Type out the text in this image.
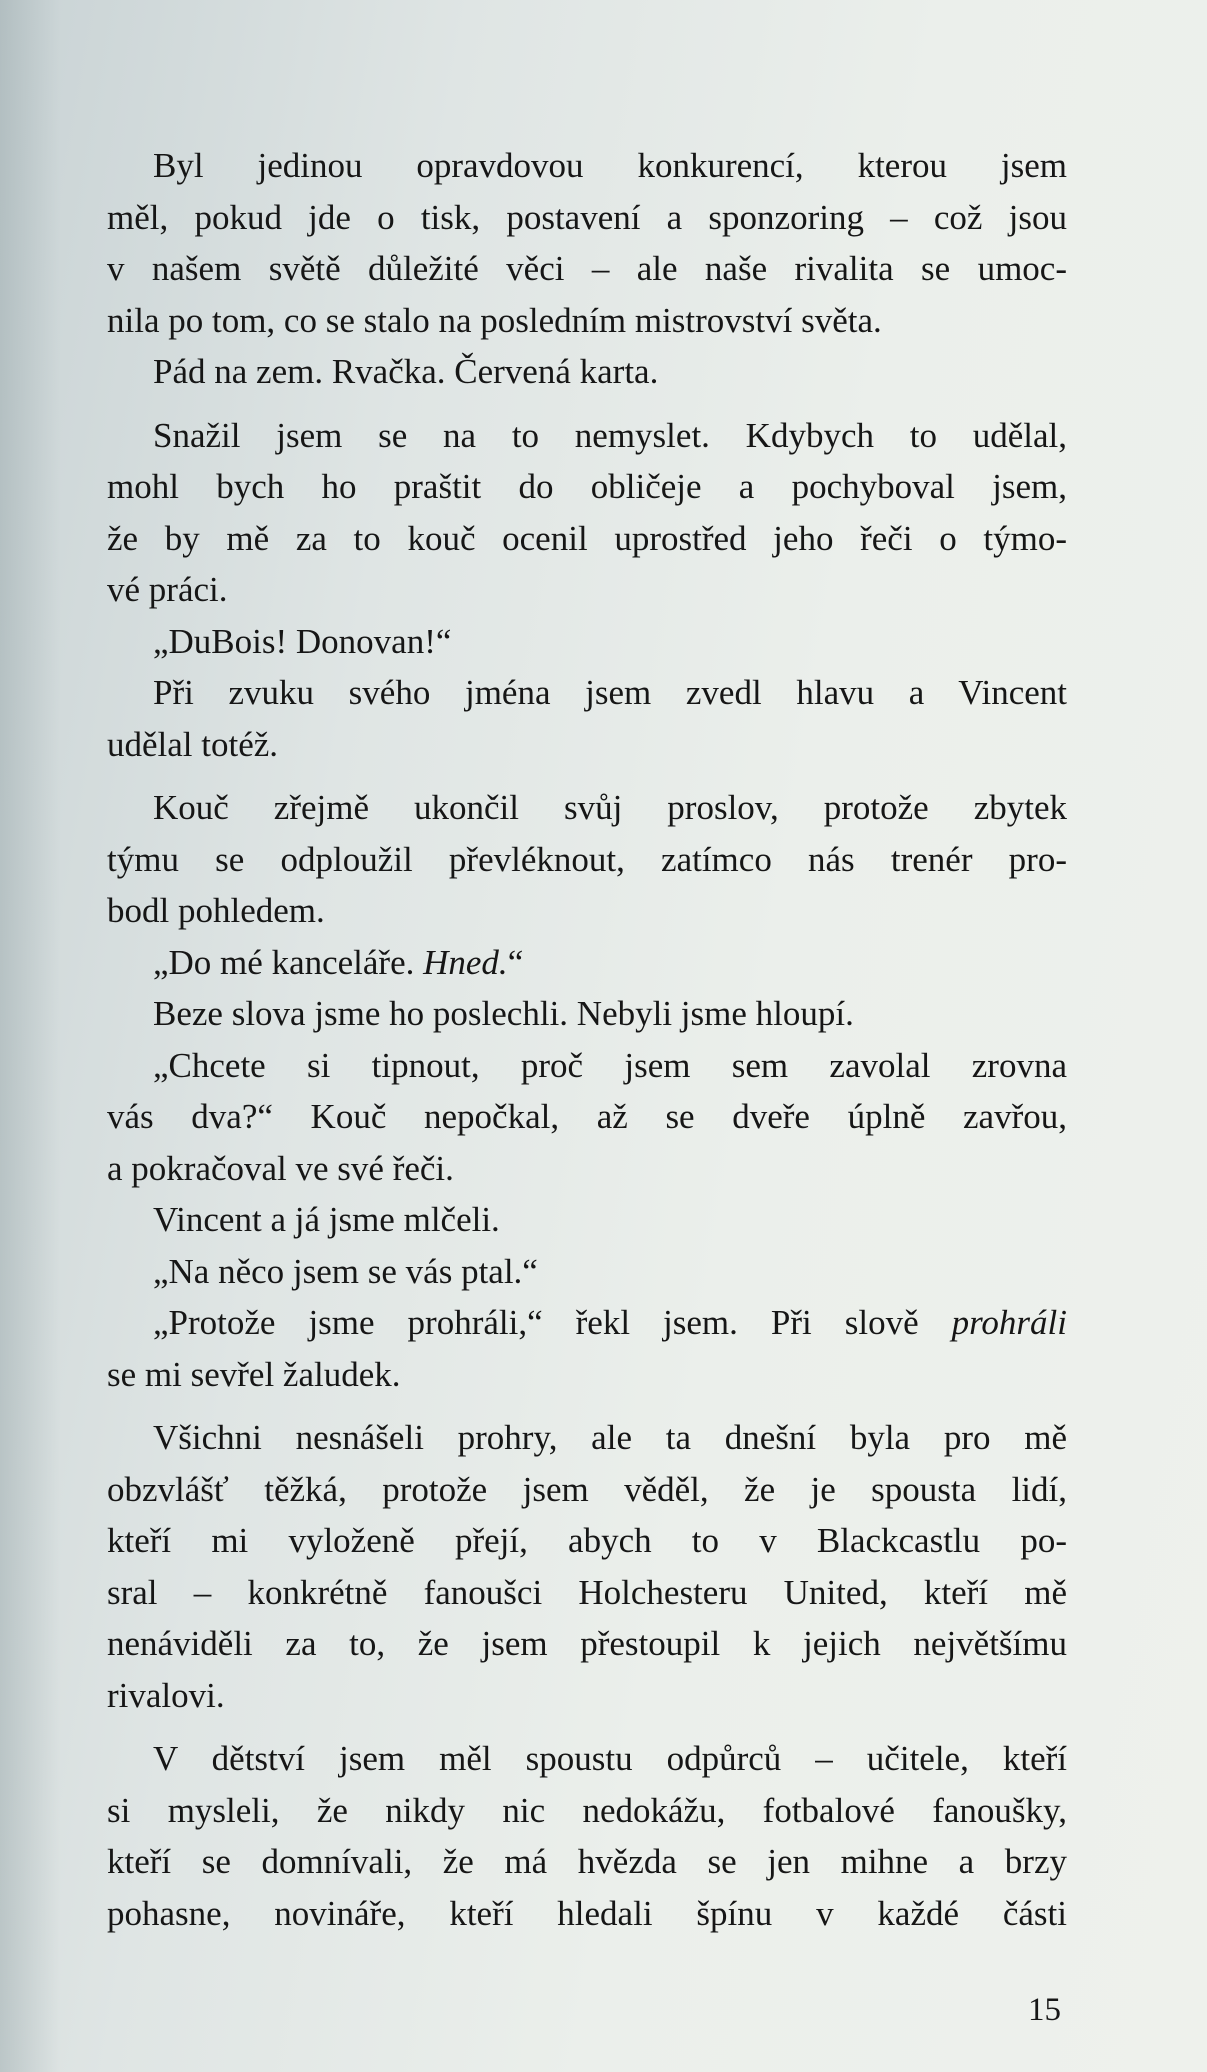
Byl jedinou opravdovou konkurencí, kterou jsem
měl, pokud jde o tisk, postavení a sponzoring – což jsou
v našem světě důležité věci – ale naše rivalita se umoc-
nila po tom, co se stalo na posledním mistrovství světa.
Pád na zem. Rvačka. Červená karta.
Snažil jsem se na to nemyslet. Kdybych to udělal,
mohl bych ho praštit do obličeje a pochyboval jsem,
že by mě za to kouč ocenil uprostřed jeho řeči o týmo-
vé práci.
„DuBois! Donovan!“
Při zvuku svého jména jsem zvedl hlavu a Vincent
udělal totéž.
Kouč zřejmě ukončil svůj proslov, protože zbytek
týmu se odploužil převléknout, zatímco nás trenér pro-
bodl pohledem.
„Do mé kanceláře. Hned.“
Beze slova jsme ho poslechli. Nebyli jsme hloupí.
„Chcete si tipnout, proč jsem sem zavolal zrovna
vás dva?“ Kouč nepočkal, až se dveře úplně zavřou,
a pokračoval ve své řeči.
Vincent a já jsme mlčeli.
„Na něco jsem se vás ptal.“
„Protože jsme prohráli,“ řekl jsem. Při slově prohráli
se mi sevřel žaludek.
Všichni nesnášeli prohry, ale ta dnešní byla pro mě
obzvlášť těžká, protože jsem věděl, že je spousta lidí,
kteří mi vyloženě přejí, abych to v Blackcastlu po-
sral – konkrétně fanoušci Holchesteru United, kteří mě
nenáviděli za to, že jsem přestoupil k jejich největšímu
rivalovi.
V dětství jsem měl spoustu odpůrců – učitele, kteří
si mysleli, že nikdy nic nedokážu, fotbalové fanoušky,
kteří se domnívali, že má hvězda se jen mihne a brzy
pohasne, novináře, kteří hledali špínu v každé části
15
